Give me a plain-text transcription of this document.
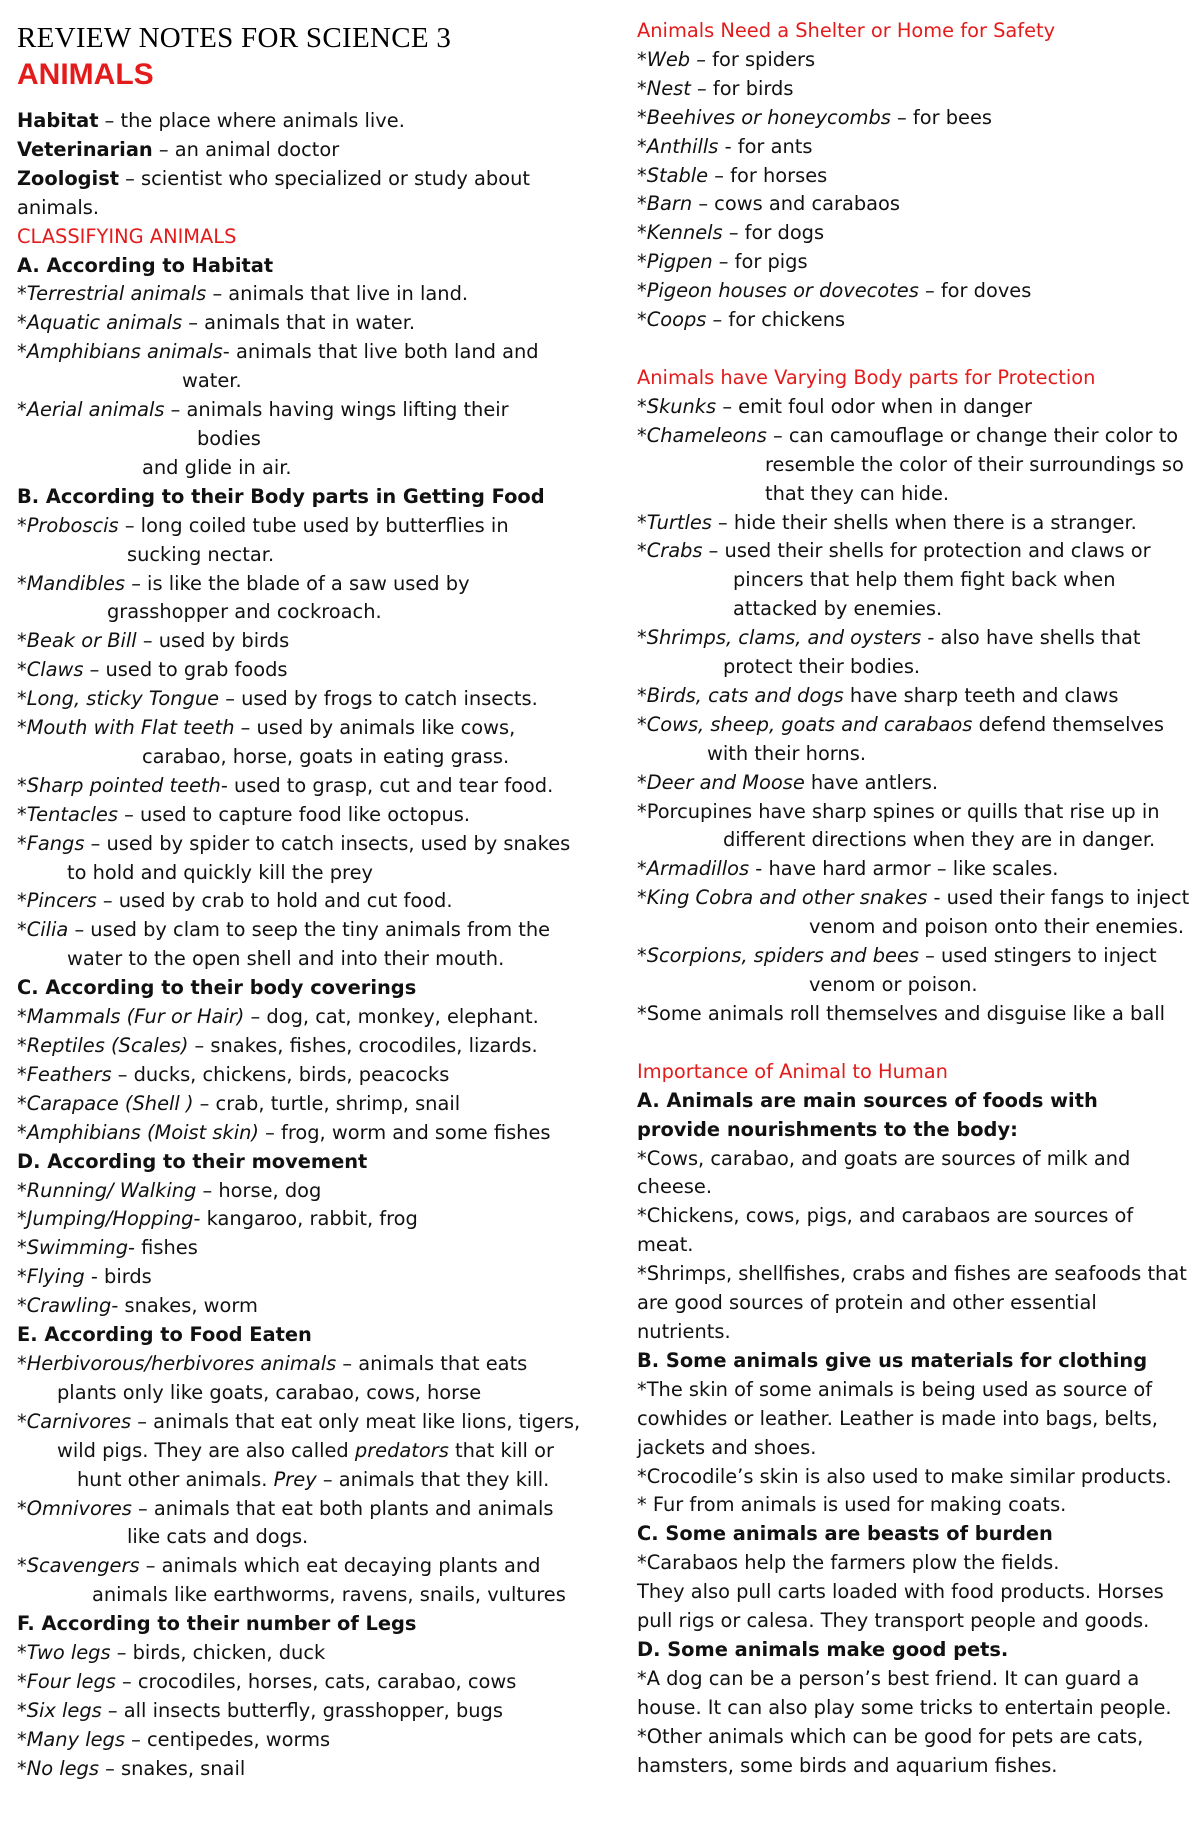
REVIEW NOTES FOR SCIENCE 3
ANIMALS
Habitat – the place where animals live.
Veterinarian – an animal doctor
Zoologist – scientist who specialized or study about animals.
CLASSIFYING ANIMALS
A. According to Habitat
*Terrestrial animals – animals that live in land.
*Aquatic animals – animals that in water.
*Amphibians animals- animals that live both land and
water.
*Aerial animals – animals having wings lifting their
bodies
and glide in air.
B. According to their Body parts in Getting Food
*Proboscis – long coiled tube used by butterflies in
sucking nectar.
*Mandibles – is like the blade of a saw used by
grasshopper and cockroach.
*Beak or Bill – used by birds
*Claws – used to grab foods
*Long, sticky Tongue – used by frogs to catch insects.
*Mouth with Flat teeth – used by animals like cows,
carabao, horse, goats in eating grass.
*Sharp pointed teeth- used to grasp, cut and tear food.
*Tentacles – used to capture food like octopus.
*Fangs – used by spider to catch insects, used by snakes
to hold and quickly kill the prey
*Pincers – used by crab to hold and cut food.
*Cilia – used by clam to seep the tiny animals from the
water to the open shell and into their mouth.
C. According to their body coverings
*Mammals (Fur or Hair) – dog, cat, monkey, elephant.
*Reptiles (Scales) – snakes, fishes, crocodiles, lizards.
*Feathers – ducks, chickens, birds, peacocks
*Carapace (Shell ) – crab, turtle, shrimp, snail
*Amphibians (Moist skin) – frog, worm and some fishes
D. According to their movement
*Running/ Walking – horse, dog
*Jumping/Hopping- kangaroo, rabbit, frog
*Swimming- fishes
*Flying - birds
*Crawling- snakes, worm
E. According to Food Eaten
*Herbivorous/herbivores animals – animals that eats
plants only like goats, carabao, cows, horse
*Carnivores – animals that eat only meat like lions, tigers,
wild pigs. They are also called predators that kill or
hunt other animals. Prey – animals that they kill.
*Omnivores – animals that eat both plants and animals
like cats and dogs.
*Scavengers – animals which eat decaying plants and
animals like earthworms, ravens, snails, vultures
F. According to their number of Legs
*Two legs – birds, chicken, duck
*Four legs – crocodiles, horses, cats, carabao, cows
*Six legs – all insects butterfly, grasshopper, bugs
*Many legs – centipedes, worms
*No legs – snakes, snail
Animals Need a Shelter or Home for Safety
*Web – for spiders
*Nest – for birds
*Beehives or honeycombs – for bees
*Anthills - for ants
*Stable – for horses
*Barn – cows and carabaos
*Kennels – for dogs
*Pigpen – for pigs
*Pigeon houses or dovecotes – for doves
*Coops – for chickens
Animals have Varying Body parts for Protection
*Skunks – emit foul odor when in danger
*Chameleons – can camouflage or change their color to
resemble the color of their surroundings so
that they can hide.
*Turtles – hide their shells when there is a stranger.
*Crabs – used their shells for protection and claws or
pincers that help them fight back when
attacked by enemies.
*Shrimps, clams, and oysters - also have shells that
protect their bodies.
*Birds, cats and dogs have sharp teeth and claws
*Cows, sheep, goats and carabaos defend themselves
with their horns.
*Deer and Moose have antlers.
*Porcupines have sharp spines or quills that rise up in
different directions when they are in danger.
*Armadillos - have hard armor – like scales.
*King Cobra and other snakes - used their fangs to inject
venom and poison onto their enemies.
*Scorpions, spiders and bees – used stingers to inject
venom or poison.
*Some animals roll themselves and disguise like a ball
Importance of Animal to Human
A. Animals are main sources of foods with provide nourishments to the body:
*Cows, carabao, and goats are sources of milk and cheese.
*Chickens, cows, pigs, and carabaos are sources of meat.
*Shrimps, shellfishes, crabs and fishes are seafoods that are good sources of protein and other essential nutrients.
B. Some animals give us materials for clothing
*The skin of some animals is being used as source of cowhides or leather. Leather is made into bags, belts, jackets and shoes.
*Crocodile’s skin is also used to make similar products.
* Fur from animals is used for making coats.
C. Some animals are beasts of burden
*Carabaos help the farmers plow the fields.
They also pull carts loaded with food products. Horses pull rigs or calesa. They transport people and goods.
D. Some animals make good pets.
*A dog can be a person’s best friend. It can guard a house. It can also play some tricks to entertain people.
*Other animals which can be good for pets are cats, hamsters, some birds and aquarium fishes.
